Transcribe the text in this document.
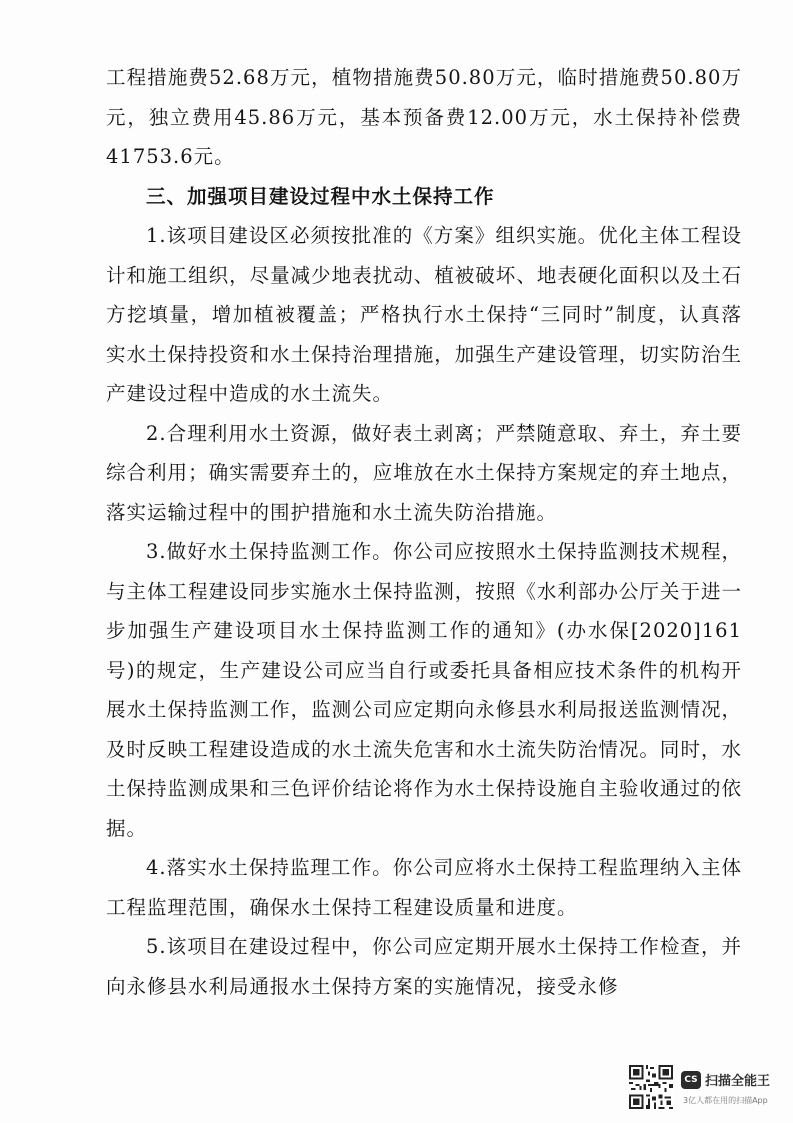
工程措施费52.68万元，植物措施费50.80万元，临时措施费50.80万元，独立费用45.86万元，基本预备费12.00万元，水土保持补偿费41753.6元。

三、加强项目建设过程中水土保持工作

1.该项目建设区必须按批准的《方案》组织实施。优化主体工程设计和施工组织，尽量减少地表扰动、植被破坏、地表硬化面积以及土石方挖填量，增加植被覆盖；严格执行水土保持“三同时”制度，认真落实水土保持投资和水土保持治理措施，加强生产建设管理，切实防治生产建设过程中造成的水土流失。

2.合理利用水土资源，做好表土剥离；严禁随意取、弃土，弃土要综合利用；确实需要弃土的，应堆放在水土保持方案规定的弃土地点，落实运输过程中的围护措施和水土流失防治措施。

3.做好水土保持监测工作。你公司应按照水土保持监测技术规程，与主体工程建设同步实施水土保持监测，按照《水利部办公厅关于进一步加强生产建设项目水土保持监测工作的通知》(办水保[2020]161号)的规定，生产建设公司应当自行或委托具备相应技术条件的机构开展水土保持监测工作，监测公司应定期向永修县水利局报送监测情况，及时反映工程建设造成的水土流失危害和水土流失防治情况。同时，水土保持监测成果和三色评价结论将作为水土保持设施自主验收通过的依据。

4.落实水土保持监理工作。你公司应将水土保持工程监理纳入主体工程监理范围，确保水土保持工程建设质量和进度。

5.该项目在建设过程中，你公司应定期开展水土保持工作检查，并向永修县水利局通报水土保持方案的实施情况，接受永修

CS 扫描全能王
3亿人都在用的扫描App
